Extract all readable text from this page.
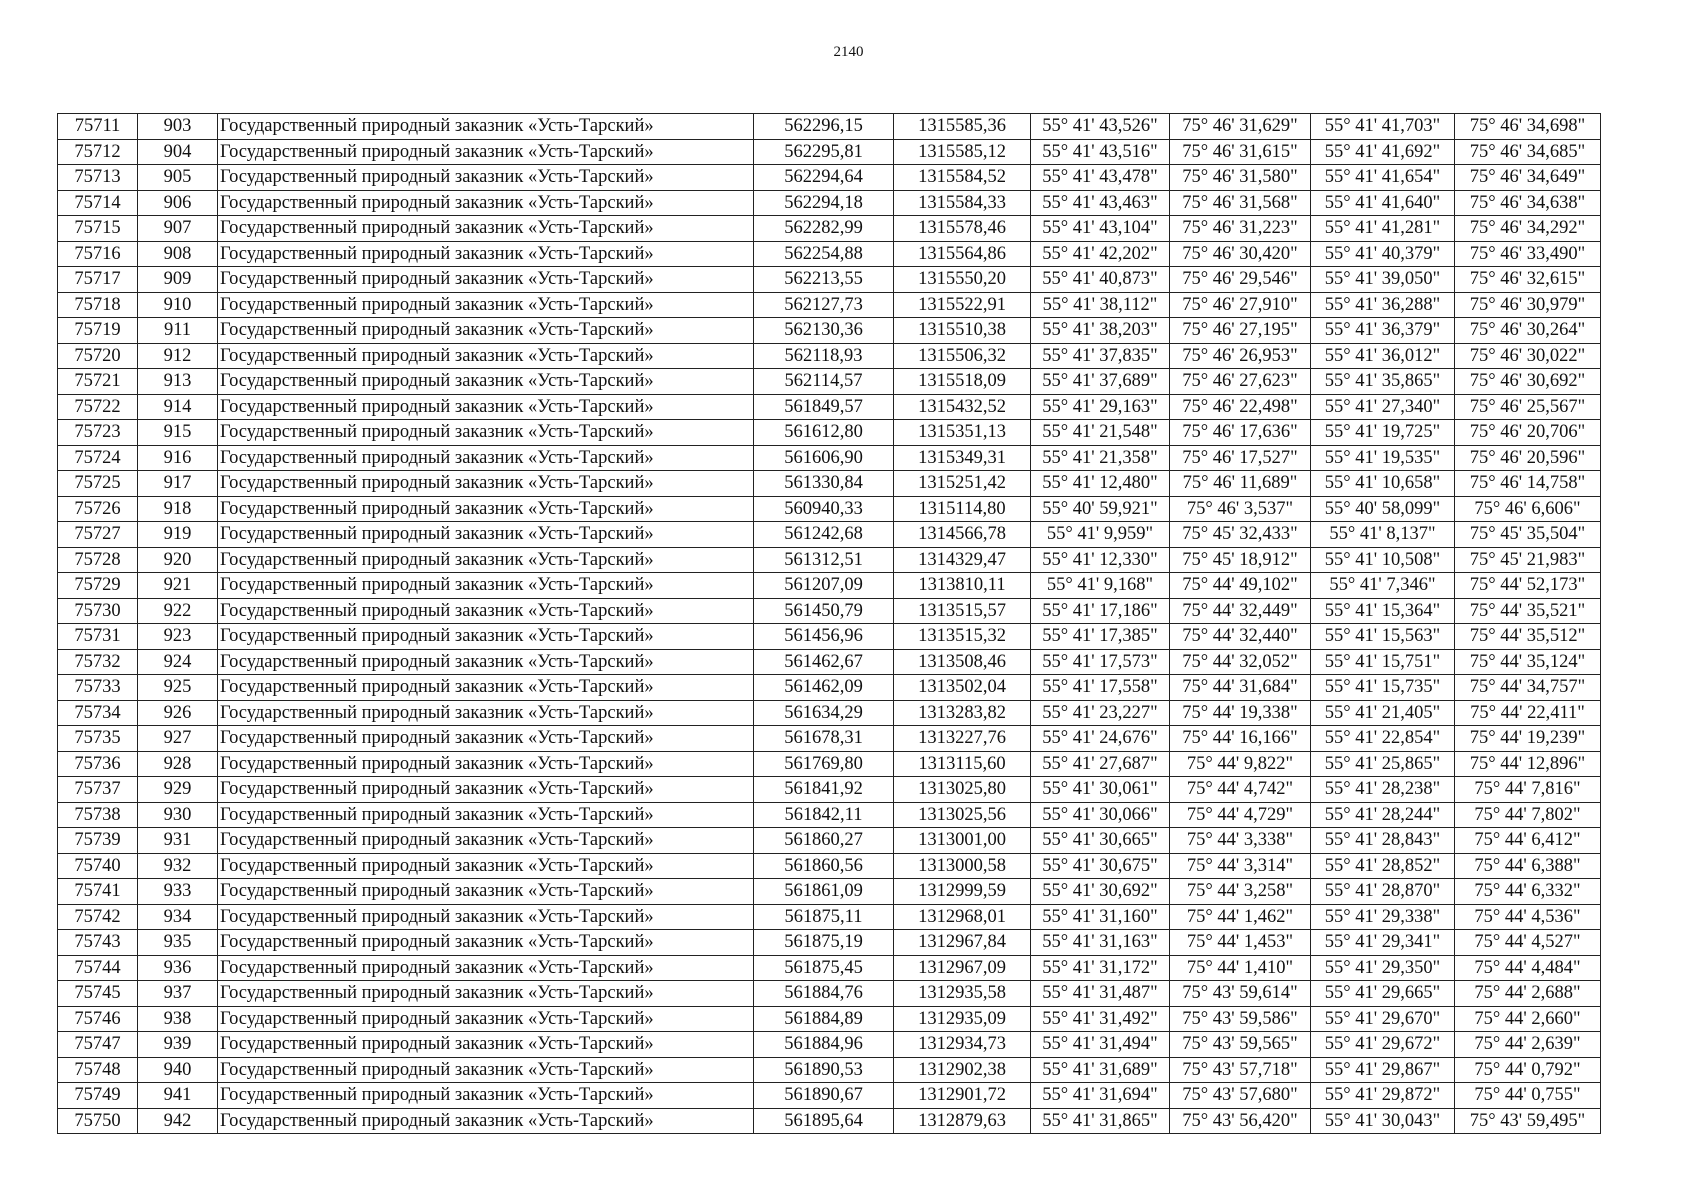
2140
75711	903	Государственный природный заказник «Усть-Тарский»	562296,15	1315585,36	55° 41' 43,526"	75° 46' 31,629"	55° 41' 41,703"	75° 46' 34,698"
75712	904	Государственный природный заказник «Усть-Тарский»	562295,81	1315585,12	55° 41' 43,516"	75° 46' 31,615"	55° 41' 41,692"	75° 46' 34,685"
75713	905	Государственный природный заказник «Усть-Тарский»	562294,64	1315584,52	55° 41' 43,478"	75° 46' 31,580"	55° 41' 41,654"	75° 46' 34,649"
75714	906	Государственный природный заказник «Усть-Тарский»	562294,18	1315584,33	55° 41' 43,463"	75° 46' 31,568"	55° 41' 41,640"	75° 46' 34,638"
75715	907	Государственный природный заказник «Усть-Тарский»	562282,99	1315578,46	55° 41' 43,104"	75° 46' 31,223"	55° 41' 41,281"	75° 46' 34,292"
75716	908	Государственный природный заказник «Усть-Тарский»	562254,88	1315564,86	55° 41' 42,202"	75° 46' 30,420"	55° 41' 40,379"	75° 46' 33,490"
75717	909	Государственный природный заказник «Усть-Тарский»	562213,55	1315550,20	55° 41' 40,873"	75° 46' 29,546"	55° 41' 39,050"	75° 46' 32,615"
75718	910	Государственный природный заказник «Усть-Тарский»	562127,73	1315522,91	55° 41' 38,112"	75° 46' 27,910"	55° 41' 36,288"	75° 46' 30,979"
75719	911	Государственный природный заказник «Усть-Тарский»	562130,36	1315510,38	55° 41' 38,203"	75° 46' 27,195"	55° 41' 36,379"	75° 46' 30,264"
75720	912	Государственный природный заказник «Усть-Тарский»	562118,93	1315506,32	55° 41' 37,835"	75° 46' 26,953"	55° 41' 36,012"	75° 46' 30,022"
75721	913	Государственный природный заказник «Усть-Тарский»	562114,57	1315518,09	55° 41' 37,689"	75° 46' 27,623"	55° 41' 35,865"	75° 46' 30,692"
75722	914	Государственный природный заказник «Усть-Тарский»	561849,57	1315432,52	55° 41' 29,163"	75° 46' 22,498"	55° 41' 27,340"	75° 46' 25,567"
75723	915	Государственный природный заказник «Усть-Тарский»	561612,80	1315351,13	55° 41' 21,548"	75° 46' 17,636"	55° 41' 19,725"	75° 46' 20,706"
75724	916	Государственный природный заказник «Усть-Тарский»	561606,90	1315349,31	55° 41' 21,358"	75° 46' 17,527"	55° 41' 19,535"	75° 46' 20,596"
75725	917	Государственный природный заказник «Усть-Тарский»	561330,84	1315251,42	55° 41' 12,480"	75° 46' 11,689"	55° 41' 10,658"	75° 46' 14,758"
75726	918	Государственный природный заказник «Усть-Тарский»	560940,33	1315114,80	55° 40' 59,921"	75° 46' 3,537"	55° 40' 58,099"	75° 46' 6,606"
75727	919	Государственный природный заказник «Усть-Тарский»	561242,68	1314566,78	55° 41' 9,959"	75° 45' 32,433"	55° 41' 8,137"	75° 45' 35,504"
75728	920	Государственный природный заказник «Усть-Тарский»	561312,51	1314329,47	55° 41' 12,330"	75° 45' 18,912"	55° 41' 10,508"	75° 45' 21,983"
75729	921	Государственный природный заказник «Усть-Тарский»	561207,09	1313810,11	55° 41' 9,168"	75° 44' 49,102"	55° 41' 7,346"	75° 44' 52,173"
75730	922	Государственный природный заказник «Усть-Тарский»	561450,79	1313515,57	55° 41' 17,186"	75° 44' 32,449"	55° 41' 15,364"	75° 44' 35,521"
75731	923	Государственный природный заказник «Усть-Тарский»	561456,96	1313515,32	55° 41' 17,385"	75° 44' 32,440"	55° 41' 15,563"	75° 44' 35,512"
75732	924	Государственный природный заказник «Усть-Тарский»	561462,67	1313508,46	55° 41' 17,573"	75° 44' 32,052"	55° 41' 15,751"	75° 44' 35,124"
75733	925	Государственный природный заказник «Усть-Тарский»	561462,09	1313502,04	55° 41' 17,558"	75° 44' 31,684"	55° 41' 15,735"	75° 44' 34,757"
75734	926	Государственный природный заказник «Усть-Тарский»	561634,29	1313283,82	55° 41' 23,227"	75° 44' 19,338"	55° 41' 21,405"	75° 44' 22,411"
75735	927	Государственный природный заказник «Усть-Тарский»	561678,31	1313227,76	55° 41' 24,676"	75° 44' 16,166"	55° 41' 22,854"	75° 44' 19,239"
75736	928	Государственный природный заказник «Усть-Тарский»	561769,80	1313115,60	55° 41' 27,687"	75° 44' 9,822"	55° 41' 25,865"	75° 44' 12,896"
75737	929	Государственный природный заказник «Усть-Тарский»	561841,92	1313025,80	55° 41' 30,061"	75° 44' 4,742"	55° 41' 28,238"	75° 44' 7,816"
75738	930	Государственный природный заказник «Усть-Тарский»	561842,11	1313025,56	55° 41' 30,066"	75° 44' 4,729"	55° 41' 28,244"	75° 44' 7,802"
75739	931	Государственный природный заказник «Усть-Тарский»	561860,27	1313001,00	55° 41' 30,665"	75° 44' 3,338"	55° 41' 28,843"	75° 44' 6,412"
75740	932	Государственный природный заказник «Усть-Тарский»	561860,56	1313000,58	55° 41' 30,675"	75° 44' 3,314"	55° 41' 28,852"	75° 44' 6,388"
75741	933	Государственный природный заказник «Усть-Тарский»	561861,09	1312999,59	55° 41' 30,692"	75° 44' 3,258"	55° 41' 28,870"	75° 44' 6,332"
75742	934	Государственный природный заказник «Усть-Тарский»	561875,11	1312968,01	55° 41' 31,160"	75° 44' 1,462"	55° 41' 29,338"	75° 44' 4,536"
75743	935	Государственный природный заказник «Усть-Тарский»	561875,19	1312967,84	55° 41' 31,163"	75° 44' 1,453"	55° 41' 29,341"	75° 44' 4,527"
75744	936	Государственный природный заказник «Усть-Тарский»	561875,45	1312967,09	55° 41' 31,172"	75° 44' 1,410"	55° 41' 29,350"	75° 44' 4,484"
75745	937	Государственный природный заказник «Усть-Тарский»	561884,76	1312935,58	55° 41' 31,487"	75° 43' 59,614"	55° 41' 29,665"	75° 44' 2,688"
75746	938	Государственный природный заказник «Усть-Тарский»	561884,89	1312935,09	55° 41' 31,492"	75° 43' 59,586"	55° 41' 29,670"	75° 44' 2,660"
75747	939	Государственный природный заказник «Усть-Тарский»	561884,96	1312934,73	55° 41' 31,494"	75° 43' 59,565"	55° 41' 29,672"	75° 44' 2,639"
75748	940	Государственный природный заказник «Усть-Тарский»	561890,53	1312902,38	55° 41' 31,689"	75° 43' 57,718"	55° 41' 29,867"	75° 44' 0,792"
75749	941	Государственный природный заказник «Усть-Тарский»	561890,67	1312901,72	55° 41' 31,694"	75° 43' 57,680"	55° 41' 29,872"	75° 44' 0,755"
75750	942	Государственный природный заказник «Усть-Тарский»	561895,64	1312879,63	55° 41' 31,865"	75° 43' 56,420"	55° 41' 30,043"	75° 43' 59,495"
